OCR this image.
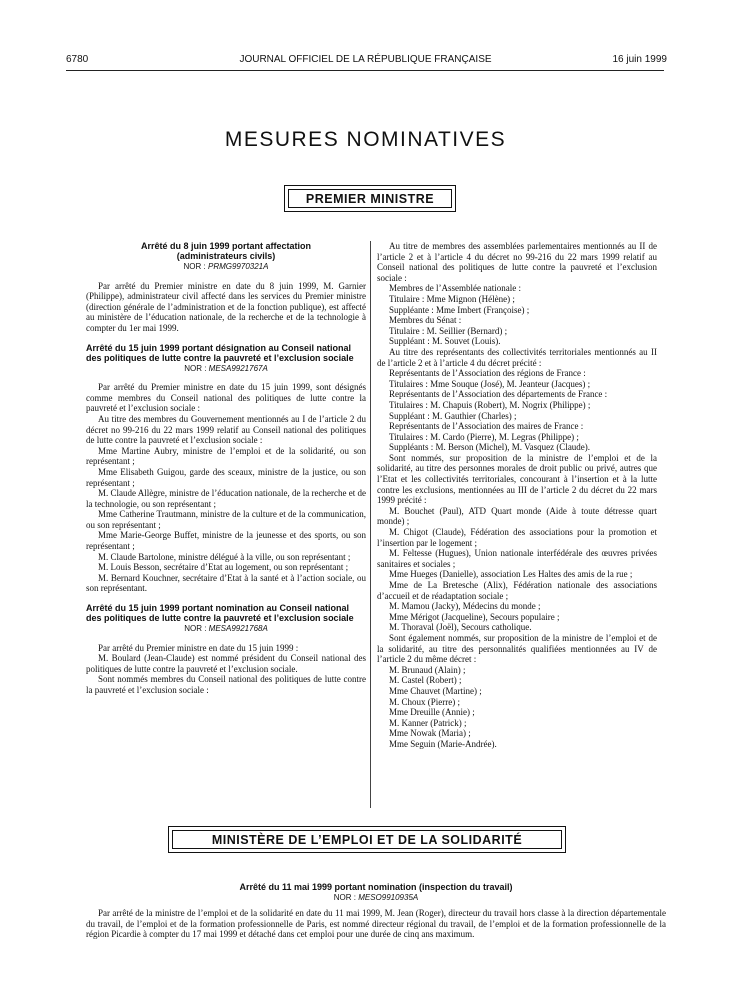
6780	JOURNAL OFFICIEL DE LA RÉPUBLIQUE FRANÇAISE	16 juin 1999
MESURES NOMINATIVES
PREMIER MINISTRE

Arrêté du 8 juin 1999 portant affectation

(administrateurs civils)

NOR : PRMG9970321A

Par arrêté du Premier ministre en date du 8 juin 1999, M. Garnier (Philippe), administrateur civil affecté dans les services du Premier ministre (direction générale de l’administration et de la fonction publique), est affecté au ministère de l’éducation nationale, de la recherche et de la technologie à compter du 1er mai 1999.

Arrêté du 15 juin 1999 portant désignation au Conseil national des politiques de lutte contre la pauvreté et l’exclusion sociale

NOR : MESA9921767A

Par arrêté du Premier ministre en date du 15 juin 1999, sont désignés comme membres du Conseil national des politiques de lutte contre la pauvreté et l’exclusion sociale :

Au titre des membres du Gouvernement mentionnés au I de l’article 2 du décret no 99-216 du 22 mars 1999 relatif au Conseil national des politiques de lutte contre la pauvreté et l’exclusion sociale :

Mme Martine Aubry, ministre de l’emploi et de la solidarité, ou son représentant ;

Mme Elisabeth Guigou, garde des sceaux, ministre de la justice, ou son représentant ;

M. Claude Allègre, ministre de l’éducation nationale, de la recherche et de la technologie, ou son représentant ;

Mme Catherine Trautmann, ministre de la culture et de la communication, ou son représentant ;

Mme Marie-George Buffet, ministre de la jeunesse et des sports, ou son représentant ;

M. Claude Bartolone, ministre délégué à la ville, ou son représentant ;

M. Louis Besson, secrétaire d’Etat au logement, ou son représentant ;

M. Bernard Kouchner, secrétaire d’Etat à la santé et à l’action sociale, ou son représentant.

Arrêté du 15 juin 1999 portant nomination au Conseil national des politiques de lutte contre la pauvreté et l’exclusion sociale

NOR : MESA9921768A

Par arrêté du Premier ministre en date du 15 juin 1999 :

M. Boulard (Jean-Claude) est nommé président du Conseil national des politiques de lutte contre la pauvreté et l’exclusion sociale.

Sont nommés membres du Conseil national des politiques de lutte contre la pauvreté et l’exclusion sociale :

Au titre de membres des assemblées parlementaires mentionnés au II de l’article 2 et à l’article 4 du décret no 99-216 du 22 mars 1999 relatif au Conseil national des politiques de lutte contre la pauvreté et l’exclusion sociale :

Membres de l’Assemblée nationale :

Titulaire : Mme Mignon (Hélène) ;

Suppléante : Mme Imbert (Françoise) ;

Membres du Sénat :

Titulaire : M. Seillier (Bernard) ;

Suppléant : M. Souvet (Louis).

Au titre des représentants des collectivités territoriales mentionnés au II de l’article 2 et à l’article 4 du décret précité :

Représentants de l’Association des régions de France :

Titulaires : Mme Souque (José), M. Jeanteur (Jacques) ;

Représentants de l’Association des départements de France :

Titulaires : M. Chapuis (Robert), M. Nogrix (Philippe) ;

Suppléant : M. Gauthier (Charles) ;

Représentants de l’Association des maires de France :

Titulaires : M. Cardo (Pierre), M. Legras (Philippe) ;

Suppléants : M. Berson (Michel), M. Vasquez (Claude).

Sont nommés, sur proposition de la ministre de l’emploi et de la solidarité, au titre des personnes morales de droit public ou privé, autres que l’Etat et les collectivités territoriales, concourant à l’insertion et à la lutte contre les exclusions, mentionnées au III de l’article 2 du décret du 22 mars 1999 précité :

M. Bouchet (Paul), ATD Quart monde (Aide à toute détresse quart monde) ;

M. Chigot (Claude), Fédération des associations pour la promotion et l’insertion par le logement ;

M. Feltesse (Hugues), Union nationale interfédérale des œuvres privées sanitaires et sociales ;

Mme Hueges (Danielle), association Les Haltes des amis de la rue ;

Mme de La Bretesche (Alix), Fédération nationale des associations d’accueil et de réadaptation sociale ;

M. Mamou (Jacky), Médecins du monde ;

Mme Mérigot (Jacqueline), Secours populaire ;

M. Thoraval (Joël), Secours catholique.

Sont également nommés, sur proposition de la ministre de l’emploi et de la solidarité, au titre des personnalités qualifiées mentionnées au IV de l’article 2 du même décret :

M. Brunaud (Alain) ;

M. Castel (Robert) ;

Mme Chauvet (Martine) ;

M. Choux (Pierre) ;

Mme Dreuille (Annie) ;

M. Kanner (Patrick) ;

Mme Nowak (Maria) ;

Mme Seguin (Marie-Andrée).

MINISTÈRE DE L’EMPLOI ET DE LA SOLIDARITÉ

Arrêté du 11 mai 1999 portant nomination (inspection du travail)

NOR : MESO9910935A

Par arrêté de la ministre de l’emploi et de la solidarité en date du 11 mai 1999, M. Jean (Roger), directeur du travail hors classe à la direction départementale du travail, de l’emploi et de la formation professionnelle de Paris, est nommé directeur régional du travail, de l’emploi et de la formation professionnelle de la région Picardie à compter du 17 mai 1999 et détaché dans cet emploi pour une durée de cinq ans maximum.
